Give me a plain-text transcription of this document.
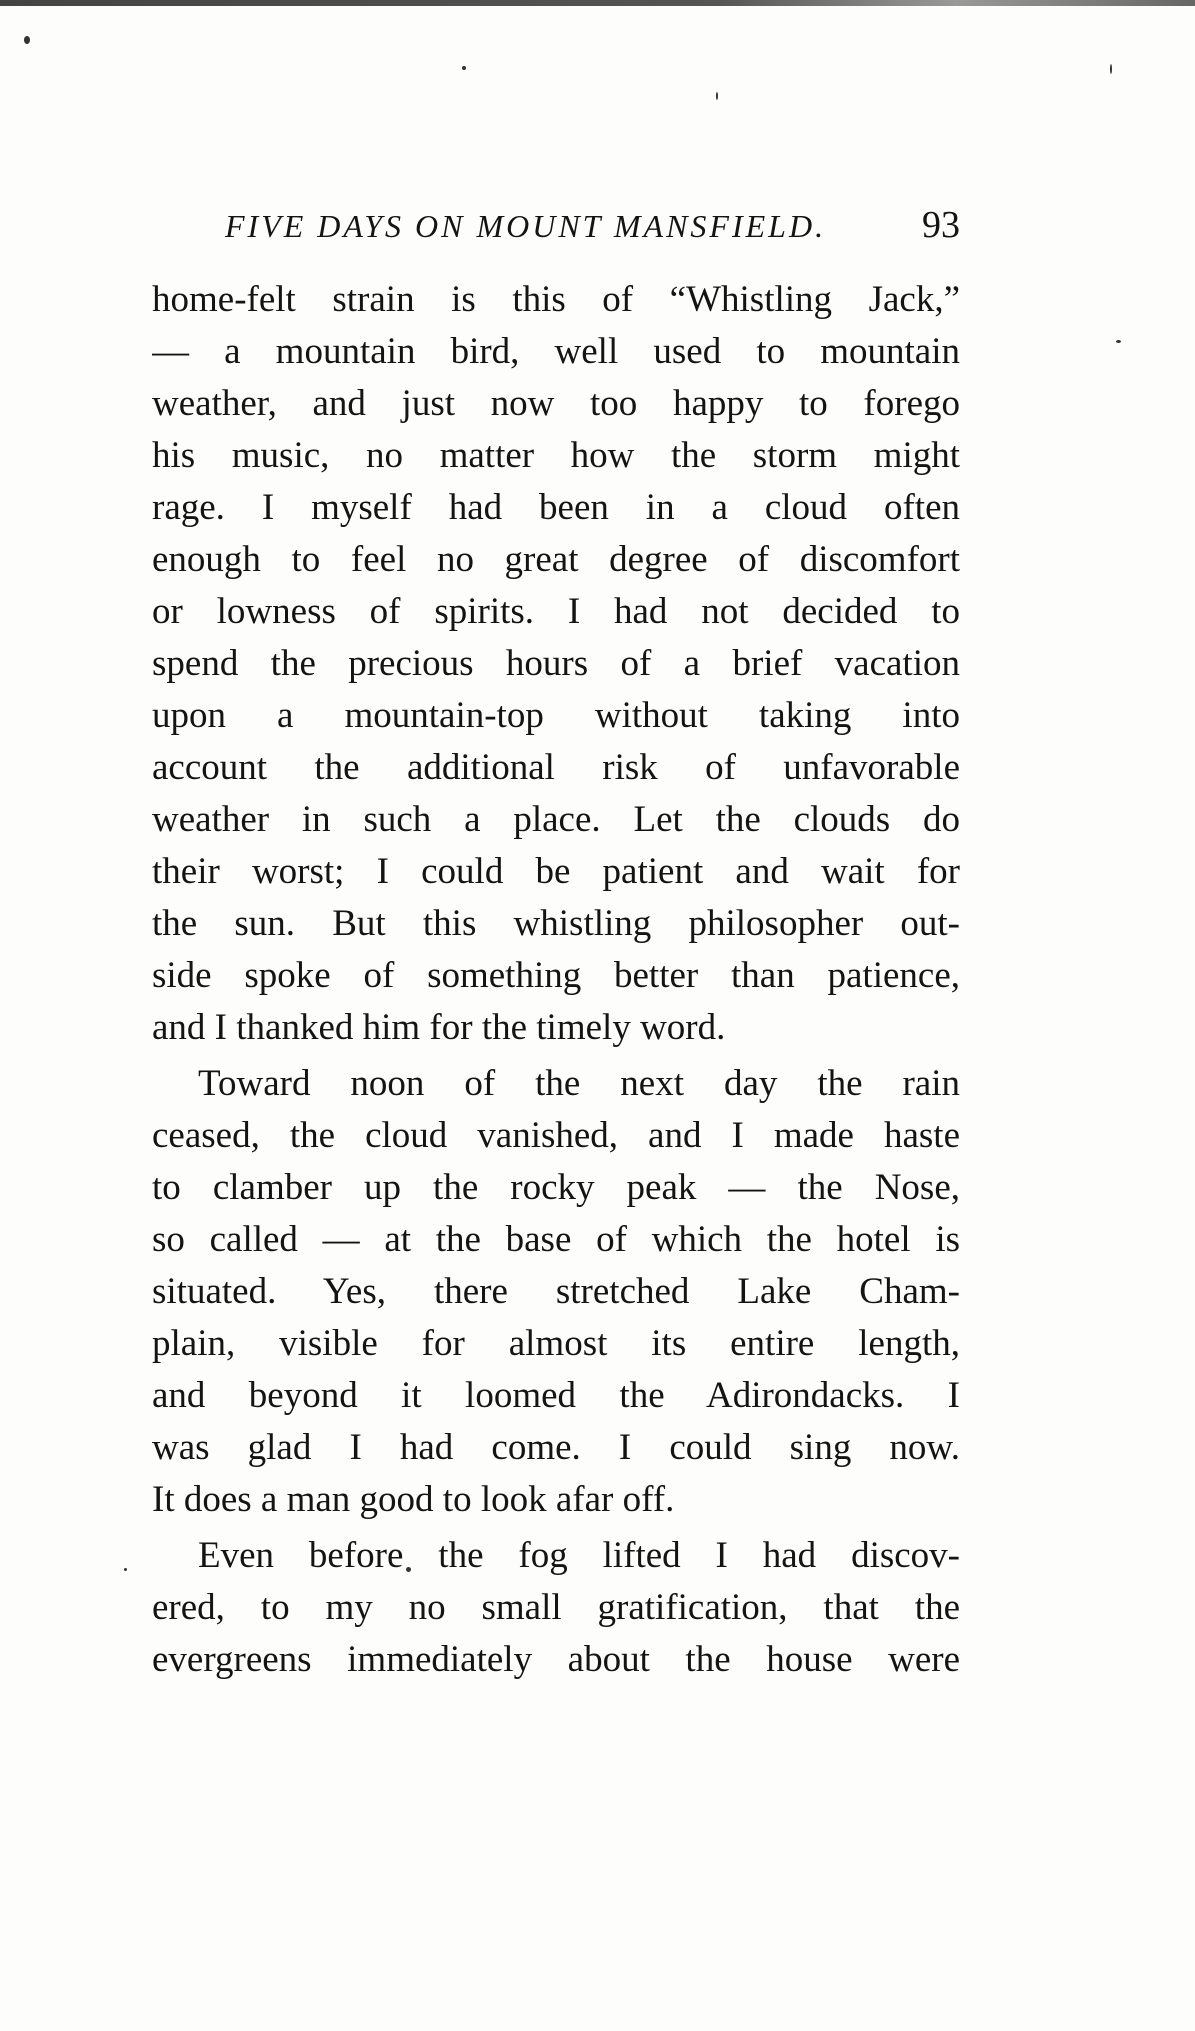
FIVE DAYS ON MOUNT MANSFIELD.	93
home-felt strain is this of “Whistling Jack,”
— a mountain bird, well used to mountain
weather, and just now too happy to forego
his music, no matter how the storm might
rage. I myself had been in a cloud often
enough to feel no great degree of discomfort
or lowness of spirits. I had not decided to
spend the precious hours of a brief vacation
upon a mountain-top without taking into
account the additional risk of unfavorable
weather in such a place. Let the clouds do
their worst; I could be patient and wait for
the sun. But this whistling philosopher out-
side spoke of something better than patience,
and I thanked him for the timely word.
Toward noon of the next day the rain
ceased, the cloud vanished, and I made haste
to clamber up the rocky peak — the Nose,
so called — at the base of which the hotel is
situated. Yes, there stretched Lake Cham-
plain, visible for almost its entire length,
and beyond it loomed the Adirondacks. I
was glad I had come. I could sing now.
It does a man good to look afar off.
Even before the fog lifted I had discov-
ered, to my no small gratification, that the
evergreens immediately about the house were
